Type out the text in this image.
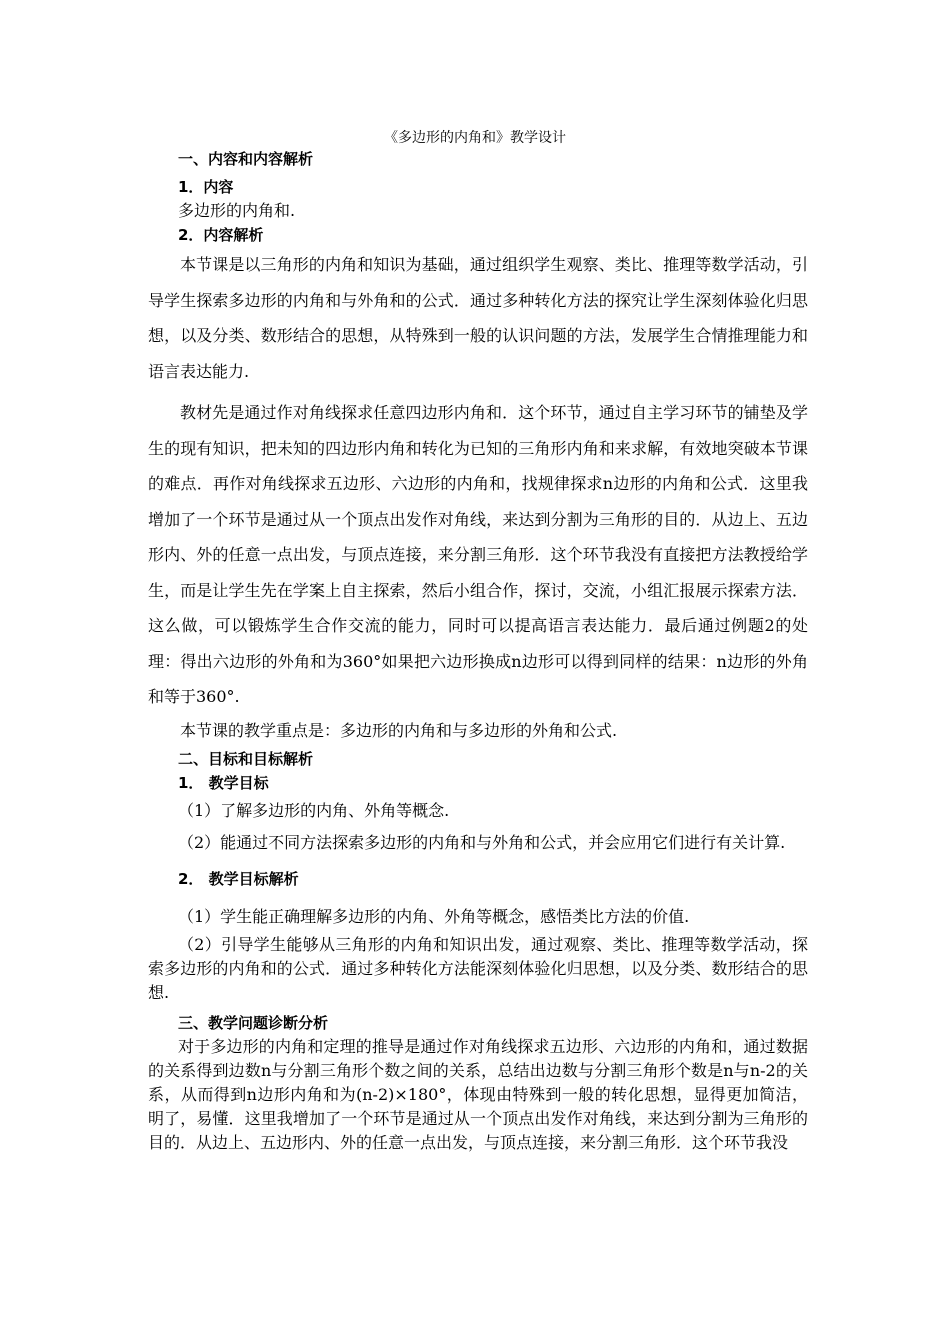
《多边形的内角和》教学设计

一、内容和内容解析

1．内容

多边形的内角和.

2．内容解析

本节课是以三角形的内角和知识为基础，通过组织学生观察、类比、推理等数学活动，引导学生探索多边形的内角和与外角和的公式．通过多种转化方法的探究让学生深刻体验化归思想，以及分类、数形结合的思想，从特殊到一般的认识问题的方法，发展学生合情推理能力和语言表达能力.

教材先是通过作对角线探求任意四边形内角和．这个环节，通过自主学习环节的铺垫及学生的现有知识，把未知的四边形内角和转化为已知的三角形内角和来求解，有效地突破本节课的难点．再作对角线探求五边形、六边形的内角和，找规律探求n边形的内角和公式．这里我增加了一个环节是通过从一个顶点出发作对角线，来达到分割为三角形的目的．从边上、五边形内、外的任意一点出发，与顶点连接，来分割三角形．这个环节我没有直接把方法教授给学生，而是让学生先在学案上自主探索，然后小组合作，探讨，交流，小组汇报展示探索方法．这么做，可以锻炼学生合作交流的能力，同时可以提高语言表达能力．最后通过例题2的处理：得出六边形的外角和为360°如果把六边形换成n边形可以得到同样的结果：n边形的外角和等于360°.

本节课的教学重点是：多边形的内角和与多边形的外角和公式.

二、目标和目标解析

1． 教学目标

（1）了解多边形的内角、外角等概念.

（2）能通过不同方法探索多边形的内角和与外角和公式，并会应用它们进行有关计算.

2． 教学目标解析

（1）学生能正确理解多边形的内角、外角等概念，感悟类比方法的价值.

（2）引导学生能够从三角形的内角和知识出发，通过观察、类比、推理等数学活动，探索多边形的内角和的公式．通过多种转化方法能深刻体验化归思想，以及分类、数形结合的思想.

三、教学问题诊断分析

对于多边形的内角和定理的推导是通过作对角线探求五边形、六边形的内角和，通过数据的关系得到边数n与分割三角形个数之间的关系，总结出边数与分割三角形个数是n与n-2的关系，从而得到n边形内角和为(n-2)×180°，体现由特殊到一般的转化思想，显得更加简洁，明了，易懂．这里我增加了一个环节是通过从一个顶点出发作对角线，来达到分割为三角形的目的．从边上、五边形内、外的任意一点出发，与顶点连接，来分割三角形．这个环节我没
